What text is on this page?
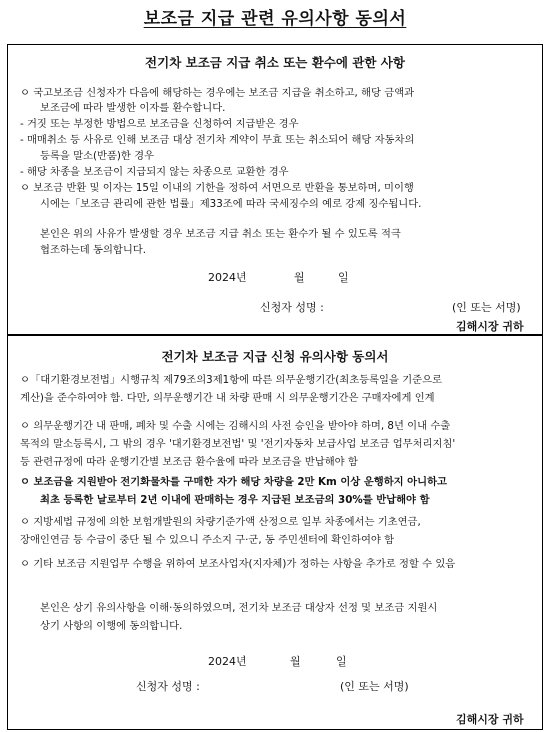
보조금 지급 관련 유의사항 동의서
전기차 보조금 지급 취소 또는 환수에 관한 사항
ㅇ 국고보조금 신청자가 다음에 해당하는 경우에는 보조금 지급을 취소하고, 해당 금액과
보조금에 따라 발생한 이자를 환수합니다.
- 거짓 또는 부정한 방법으로 보조금을 신청하여 지급받은 경우
- 매매취소 등 사유로 인해 보조금 대상 전기차 계약이 무효 또는 취소되어 해당 자동차의
등록을 말소(반품)한 경우
- 해당 차종을 보조금이 지급되지 않는 차종으로 교환한 경우
ㅇ 보조금 반환 및 이자는 15일 이내의 기한을 정하여 서면으로 반환을 통보하며, 미이행
시에는「보조금 관리에 관한 법률」제33조에 따라 국세징수의 예로 강제 징수됩니다.
본인은 위의 사유가 발생할 경우 보조금 지급 취소 또는 환수가 될 수 있도록 적극
협조하는데 동의합니다.
2024년	월	일
신청자 성명 :	(인 또는 서명)
김해시장 귀하
전기차 보조금 지급 신청 유의사항 동의서
ㅇ「대기환경보전법」시행규칙 제79조의3제1항에 따른 의무운행기간(최초등록일을 기준으로
계산)을 준수하여야 함. 다만, 의무운행기간 내 차량 판매 시 의무운행기간은 구매자에게 인계
ㅇ 의무운행기간 내 판매, 폐차 및 수출 시에는 김해시의 사전 승인을 받아야 하며, 8년 이내 수출
목적의 말소등록시, 그 밖의 경우 '대기환경보전법' 및 '전기자동차 보급사업 보조금 업무처리지침'
등 관련규정에 따라 운행기간별 보조금 환수율에 따라 보조금을 반납해야 함
ㅇ 보조금을 지원받아 전기화물차를 구매한 자가 해당 차량을 2만 Km 이상 운행하지 아니하고
최초 등록한 날로부터 2년 이내에 판매하는 경우 지급된 보조금의 30%를 반납해야 함
ㅇ 지방세법 규정에 의한 보험개발원의 차량기준가액 산정으로 일부 차종에서는 기초연금,
장애인연금 등 수급이 중단 될 수 있으니 주소지 구·군, 동 주민센터에 확인하여야 함
ㅇ 기타 보조금 지원업무 수행을 위하여 보조사업자(지자체)가 정하는 사항을 추가로 정할 수 있음
본인은 상기 유의사항을 이해·동의하였으며, 전기차 보조금 대상자 선정 및 보조금 지원시
상기 사항의 이행에 동의합니다.
2024년	월	일
신청자 성명 :	(인 또는 서명)
김해시장 귀하
